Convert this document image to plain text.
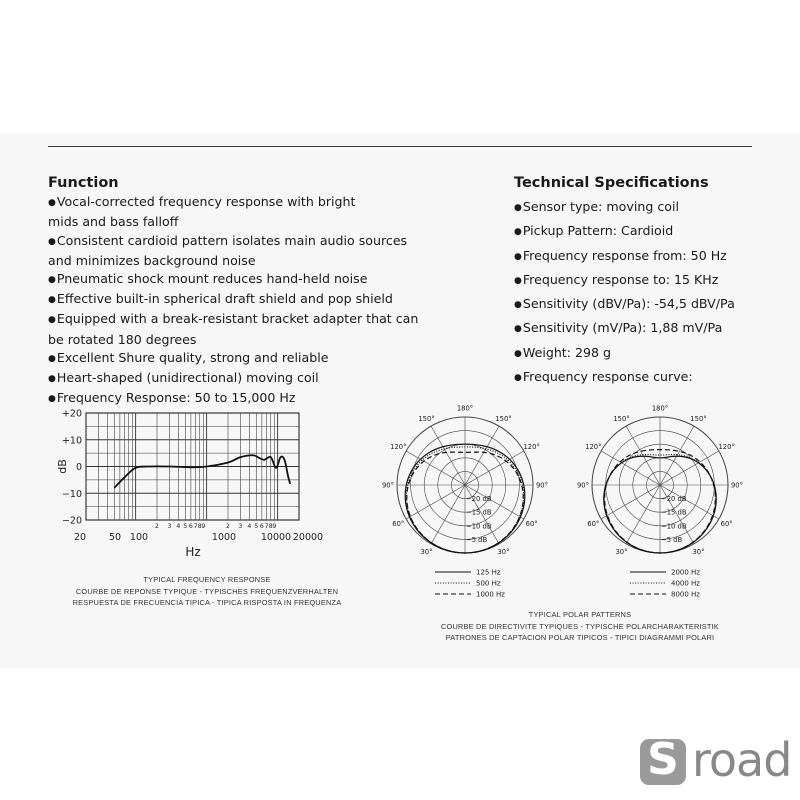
Function
● Vocal-corrected frequency response with bright
mids and bass falloff
● Consistent cardioid pattern isolates main audio sources
and minimizes background noise
● Pneumatic shock mount reduces hand-held noise
● Effective built-in spherical draft shield and pop shield
● Equipped with a break-resistant bracket adapter that can
be rotated 180 degrees
● Excellent Shure quality, strong and reliable
● Heart-shaped (unidirectional) moving coil
● Frequency Response: 50 to 15,000 Hz
Technical Specifications
● Sensor type: moving coil
● Pickup Pattern: Cardioid
● Frequency response from: 50 Hz
● Frequency response to: 15 KHz
● Sensitivity (dBV/Pa): -54,5 dBV/Pa
● Sensitivity (mV/Pa): 1,88 mV/Pa
● Weight: 298 g
● Frequency response curve:
+20
+10
0
−10
−20
dB
20 50 100	1000	10000 20000
2 3 4 5 6 7 8 9	2 3 4 5 6 7 8 9
Hz
TYPICAL FREQUENCY RESPONSE
COURBE DE REPONSE TYPIQUE - TYPISCHES FREQUENZVERHALTEN
RESPUESTA DE FRECUENCIA TIPICA - TIPICA RISPOSTA IN FREQUENZA
180°
150°	150°
120°	120°
90°	90°
60°	60°
30°	30°
−20 dB
−15 dB
−10 dB
−5 dB
125 Hz
500 Hz
1000 Hz
180°
150°	150°
120°	120°
90°	90°
60°	60°
30°	30°
−20 dB
−15 dB
−10 dB
−5 dB
2000 Hz
4000 Hz
8000 Hz
TYPICAL POLAR PATTERNS
COURBE DE DIRECTIVITE TYPIQUES - TYPISCHE POLARCHARAKTERISTIK
PATRONES DE CAPTACION POLAR TIPICOS - TIPICI DIAGRAMMI POLARI
S road
